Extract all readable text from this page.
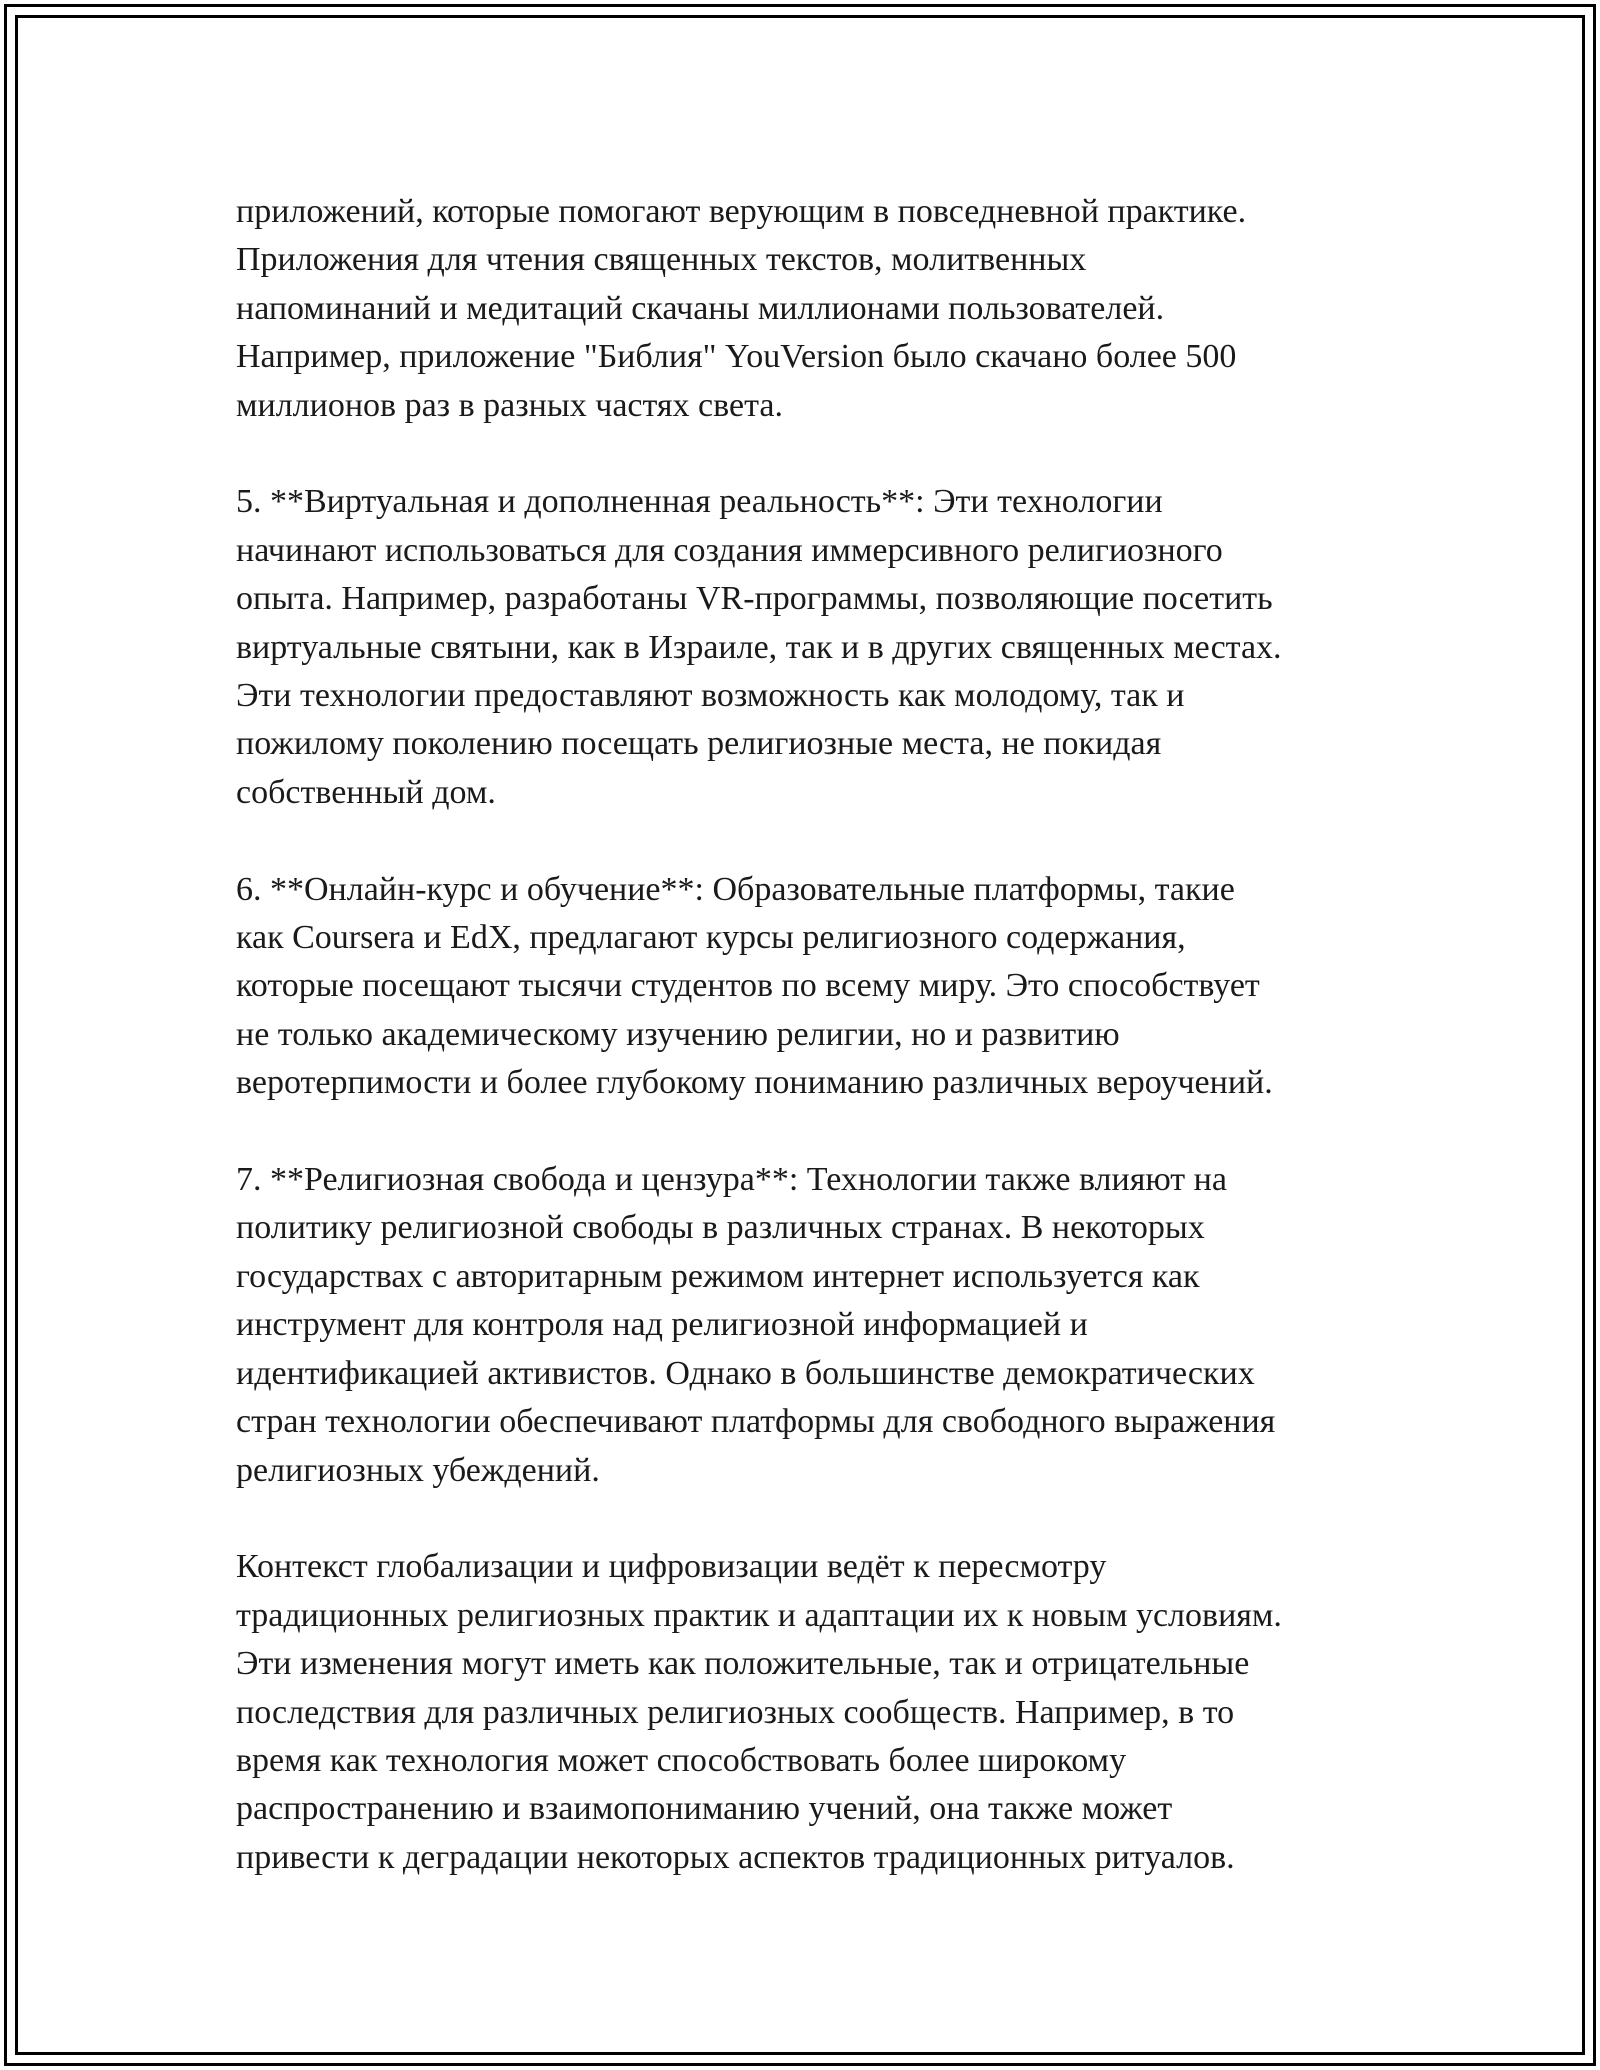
приложений, которые помогают верующим в повседневной практике.
Приложения для чтения священных текстов, молитвенных
напоминаний и медитаций скачаны миллионами пользователей.
Например, приложение "Библия" YouVersion было скачано более 500
миллионов раз в разных частях света.

5. **Виртуальная и дополненная реальность**: Эти технологии
начинают использоваться для создания иммерсивного религиозного
опыта. Например, разработаны VR-программы, позволяющие посетить
виртуальные святыни, как в Израиле, так и в других священных местах.
Эти технологии предоставляют возможность как молодому, так и
пожилому поколению посещать религиозные места, не покидая
собственный дом.

6. **Онлайн-курс и обучение**: Образовательные платформы, такие
как Coursera и EdX, предлагают курсы религиозного содержания,
которые посещают тысячи студентов по всему миру. Это способствует
не только академическому изучению религии, но и развитию
веротерпимости и более глубокому пониманию различных вероучений.

7. **Религиозная свобода и цензура**: Технологии также влияют на
политику религиозной свободы в различных странах. В некоторых
государствах с авторитарным режимом интернет используется как
инструмент для контроля над религиозной информацией и
идентификацией активистов. Однако в большинстве демократических
стран технологии обеспечивают платформы для свободного выражения
религиозных убеждений.

Контекст глобализации и цифровизации ведёт к пересмотру
традиционных религиозных практик и адаптации их к новым условиям.
Эти изменения могут иметь как положительные, так и отрицательные
последствия для различных религиозных сообществ. Например, в то
время как технология может способствовать более широкому
распространению и взаимопониманию учений, она также может
привести к деградации некоторых аспектов традиционных ритуалов.
